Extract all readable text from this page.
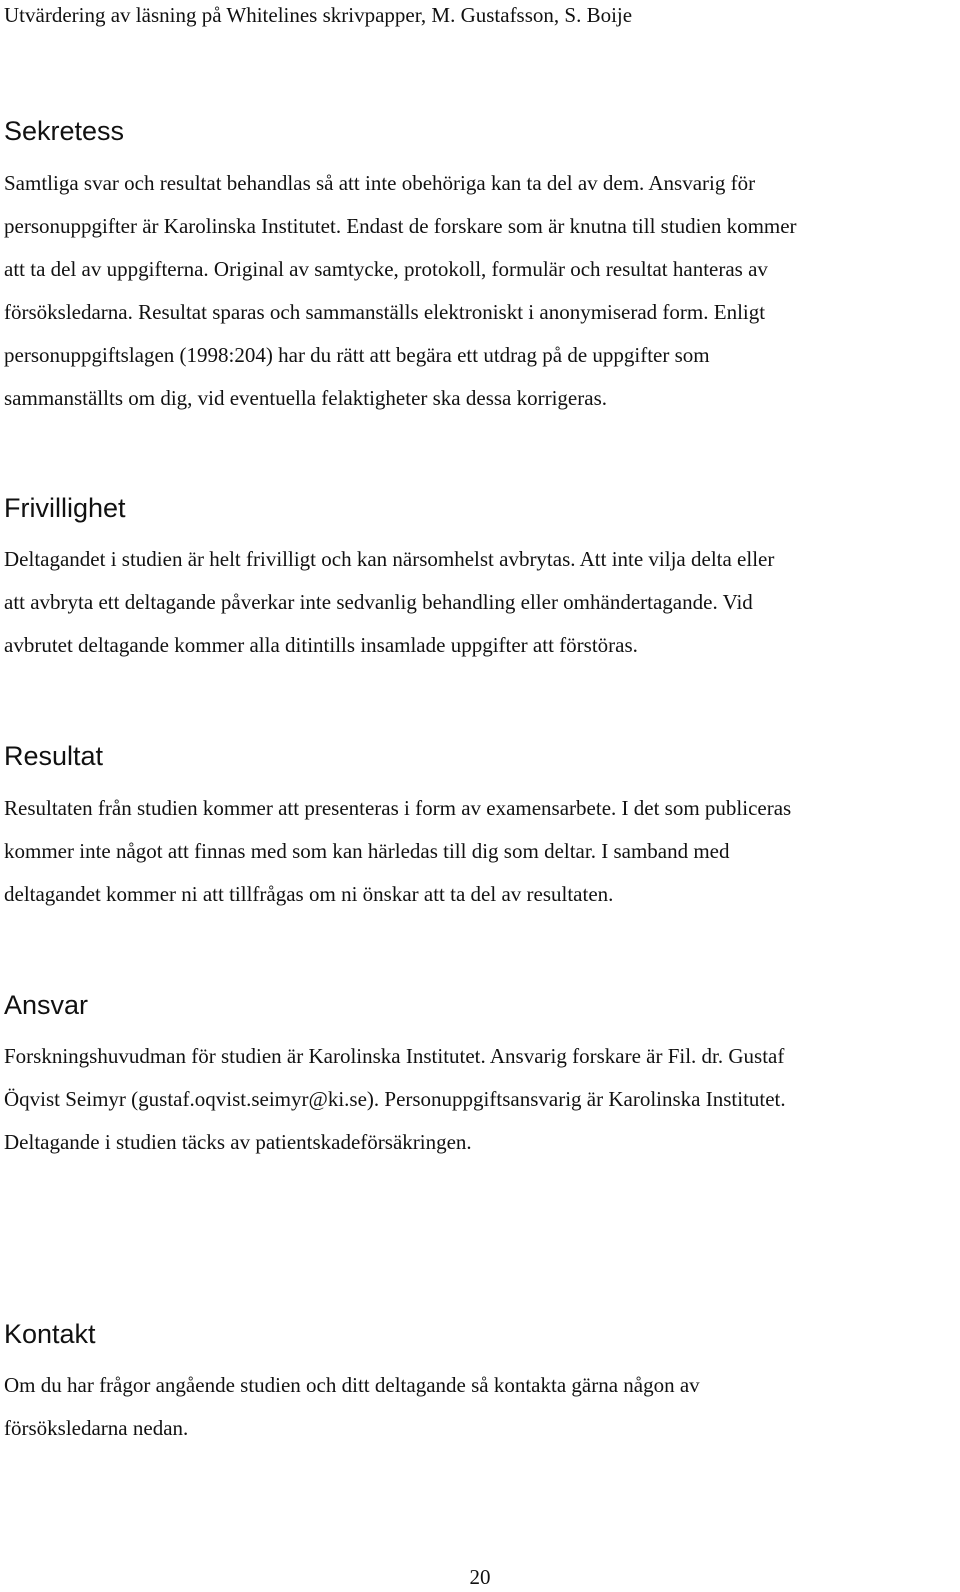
Utvärdering av läsning på Whitelines skrivpapper, M. Gustafsson, S. Boije
Sekretess

Samtliga svar och resultat behandlas så att inte obehöriga kan ta del av dem. Ansvarig för
personuppgifter är Karolinska Institutet. Endast de forskare som är knutna till studien kommer
att ta del av uppgifterna. Original av samtycke, protokoll, formulär och resultat hanteras av
försöksledarna. Resultat sparas och sammanställs elektroniskt i anonymiserad form. Enligt
personuppgiftslagen (1998:204) har du rätt att begära ett utdrag på de uppgifter som
sammanställts om dig, vid eventuella felaktigheter ska dessa korrigeras.

Frivillighet

Deltagandet i studien är helt frivilligt och kan närsomhelst avbrytas. Att inte vilja delta eller
att avbryta ett deltagande påverkar inte sedvanlig behandling eller omhändertagande. Vid
avbrutet deltagande kommer alla ditintills insamlade uppgifter att förstöras.

Resultat

Resultaten från studien kommer att presenteras i form av examensarbete. I det som publiceras
kommer inte något att finnas med som kan härledas till dig som deltar. I samband med
deltagandet kommer ni att tillfrågas om ni önskar att ta del av resultaten.

Ansvar

Forskningshuvudman för studien är Karolinska Institutet. Ansvarig forskare är Fil. dr. Gustaf
Öqvist Seimyr (gustaf.oqvist.seimyr@ki.se). Personuppgiftsansvarig är Karolinska Institutet.
Deltagande i studien täcks av patientskadeförsäkringen.

Kontakt

Om du har frågor angående studien och ditt deltagande så kontakta gärna någon av
försöksledarna nedan.

20
